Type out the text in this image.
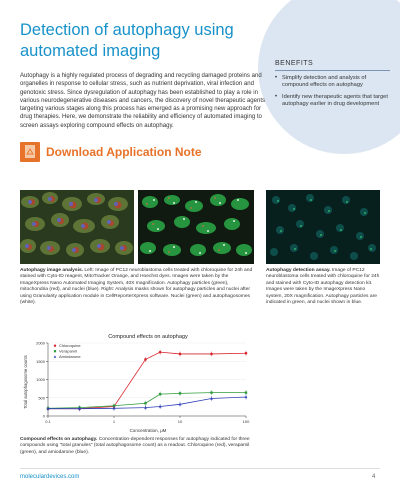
Detection of autophagy using automated imaging

Autophagy is a highly regulated process of degrading and recycling damaged proteins and organelles in response to cellular stress, such as nutrient deprivation, viral infection and genotoxic stress. Since dysregulation of autophagy has been established to play a role in various neurodegenerative diseases and cancers, the discovery of novel therapeutic agents targeting various stages along this process has emerged as a promising new approach for drug therapies. Here, we demonstrate the reliability and efficiency of automated imaging to screen assays exploring compound effects on autophagy.

BENEFITS
• Simplify detection and analysis of compound effects on autophagy
• Identify new therapeutic agents that target autophagy earlier in drug development
Download Application Note

Autophagy image analysis. Left: Image of PC12 neuroblastoma cells treated with chloroquine for 24h and stained with Cyto-ID reagent, MitoTracker Orange, and Hoechst dyes. Images were taken by the ImageXpress Nano Automated Imaging System, 40X magnification. Autophagy particles (green), mitochondria (red), and nuclei (blue). Right: Analysis masks shown for autophagy particles and nuclei after using Granularity application module in CellReporterXpress software. Nuclei (green) and autophagosomes (white).

Autophagy detection assay. Image of PC12 neuroblastoma cells treated with chloroquine for 24h and stained with Cyto-ID autophagy detection kit. Images were taken by the ImageXpress Nano system, 20X magnification. Autophagy particles are indicated in green, and nuclei shown in blue.

Compound effects on autophagy
Total autophagosome counts
Concentration, μM
0
500
1000
1500
2000
0.1	1	10	100
Chloroquine
Verapamil
Amiodarone

Compound effects on autophagy. Concentration-dependent responses for autophagy indicated for three compounds using "total granules" (total autophagosome count) as a readout. Chloroquine (red), verapamil (green), and amiodarone (blue).

moleculardevices.com	4
